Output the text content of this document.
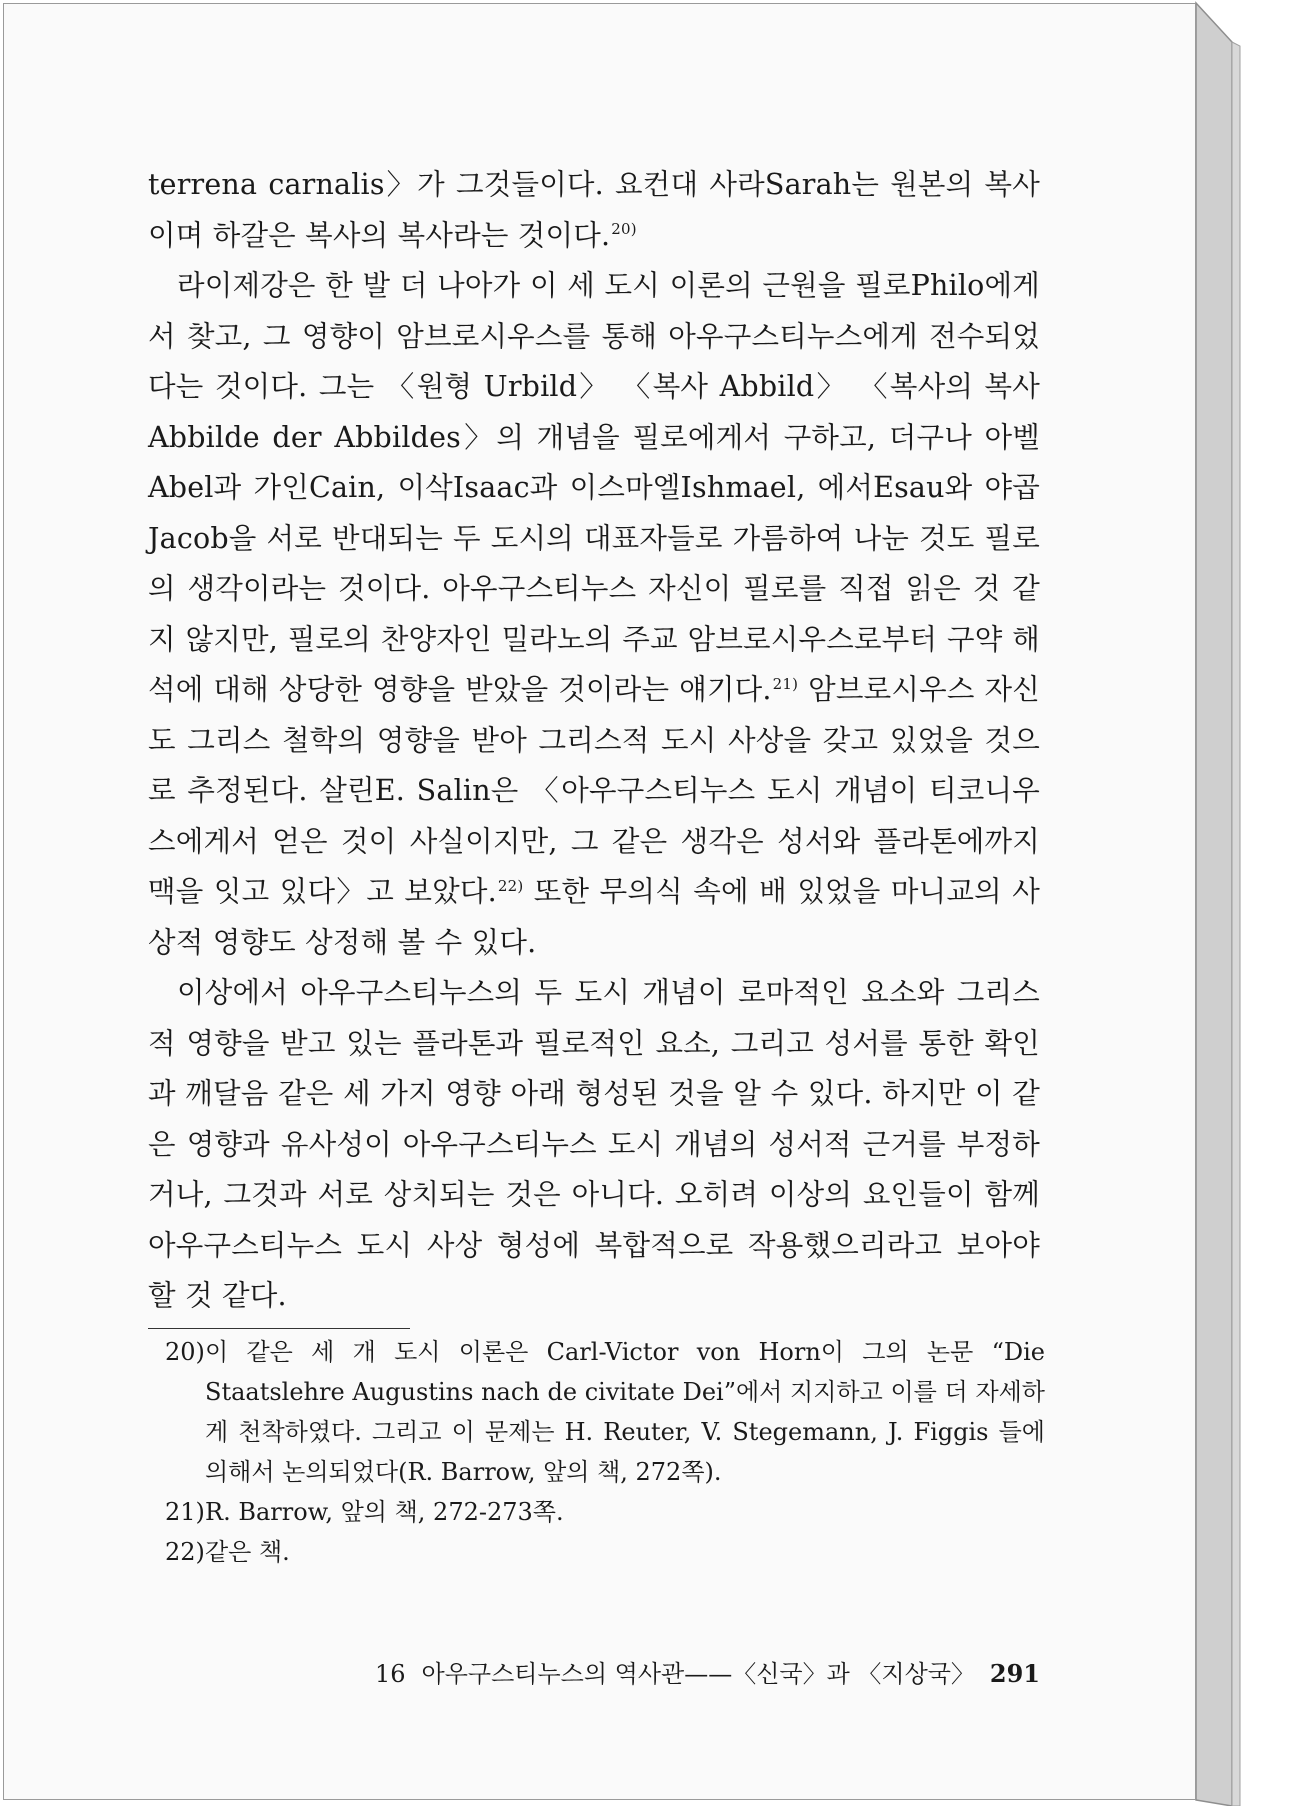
terrena carnalis〉가 그것들이다. 요컨대 사라Sarah는 원본의 복사이며 하갈은 복사의 복사라는 것이다.$^{20)}$

라이제강은 한 발 더 나아가 이 세 도시 이론의 근원을 필로Philo에게서 찾고, 그 영향이 암브로시우스를 통해 아우구스티누스에게 전수되었다는 것이다. 그는 〈원형 Urbild〉 〈복사 Abbild〉 〈복사의 복사 Abbilde der Abbildes〉의 개념을 필로에게서 구하고, 더구나 아벨Abel과 가인Cain, 이삭Isaac과 이스마엘Ishmael, 에서Esau와 야곱Jacob을 서로 반대되는 두 도시의 대표자들로 가름하여 나눈 것도 필로의 생각이라는 것이다. 아우구스티누스 자신이 필로를 직접 읽은 것 같지 않지만, 필로의 찬양자인 밀라노의 주교 암브로시우스로부터 구약 해석에 대해 상당한 영향을 받았을 것이라는 얘기다.$^{21)}$ 암브로시우스 자신도 그리스 철학의 영향을 받아 그리스적 도시 사상을 갖고 있었을 것으로 추정된다. 살린E. Salin은 〈아우구스티누스 도시 개념이 티코니우스에게서 얻은 것이 사실이지만, 그 같은 생각은 성서와 플라톤에까지 맥을 잇고 있다〉고 보았다.$^{22)}$ 또한 무의식 속에 배 있었을 마니교의 사상적 영향도 상정해 볼 수 있다.

이상에서 아우구스티누스의 두 도시 개념이 로마적인 요소와 그리스적 영향을 받고 있는 플라톤과 필로적인 요소, 그리고 성서를 통한 확인과 깨달음 같은 세 가지 영향 아래 형성된 것을 알 수 있다. 하지만 이 같은 영향과 유사성이 아우구스티누스 도시 개념의 성서적 근거를 부정하거나, 그것과 서로 상치되는 것은 아니다. 오히려 이상의 요인들이 함께 아우구스티누스 도시 사상 형성에 복합적으로 작용했으리라고 보아야 할 것 같다.

20) 이 같은 세 개 도시 이론은 Carl-Victor von Horn이 그의 논문 “Die Staatslehre Augustins nach de civitate Dei”에서 지지하고 이를 더 자세하게 천착하였다. 그리고 이 문제는 H. Reuter, V. Stegemann, J. Figgis 들에 의해서 논의되었다(R. Barrow, 앞의 책, 272쪽).
21) R. Barrow, 앞의 책, 272-273쪽.
22) 같은 책.
16 아우구스티누스의 역사관——〈신국〉과 〈지상국〉 291
